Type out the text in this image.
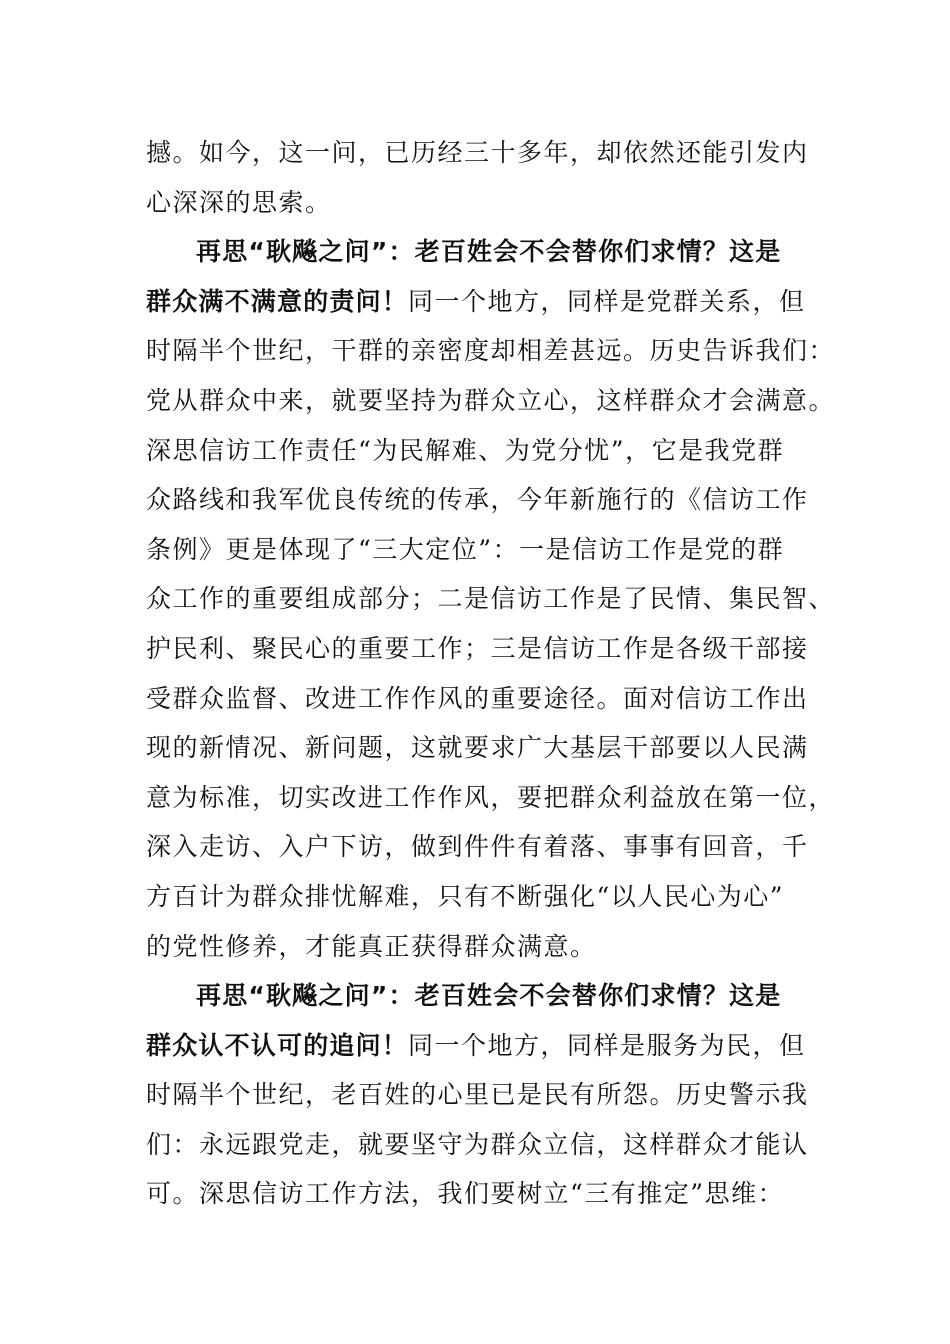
撼。如今，这一问，已历经三十多年，却依然还能引发内
心深深的思索。

再思“耿飚之问”：老百姓会不会替你们求情？这是
群众满不满意的责问！同一个地方，同样是党群关系，但
时隔半个世纪，干群的亲密度却相差甚远。历史告诉我们：
党从群众中来，就要坚持为群众立心，这样群众才会满意。
深思信访工作责任“为民解难、为党分忧”，它是我党群
众路线和我军优良传统的传承，今年新施行的《信访工作
条例》更是体现了“三大定位”：一是信访工作是党的群
众工作的重要组成部分；二是信访工作是了民情、集民智、
护民利、聚民心的重要工作；三是信访工作是各级干部接
受群众监督、改进工作作风的重要途径。面对信访工作出
现的新情况、新问题，这就要求广大基层干部要以人民满
意为标准，切实改进工作作风，要把群众利益放在第一位，
深入走访、入户下访，做到件件有着落、事事有回音，千
方百计为群众排忧解难，只有不断强化“以人民心为心”
的党性修养，才能真正获得群众满意。

再思“耿飚之问”：老百姓会不会替你们求情？这是
群众认不认可的追问！同一个地方，同样是服务为民，但
时隔半个世纪，老百姓的心里已是民有所怨。历史警示我
们：永远跟党走，就要坚守为群众立信，这样群众才能认
可。深思信访工作方法，我们要树立“三有推定”思维：
